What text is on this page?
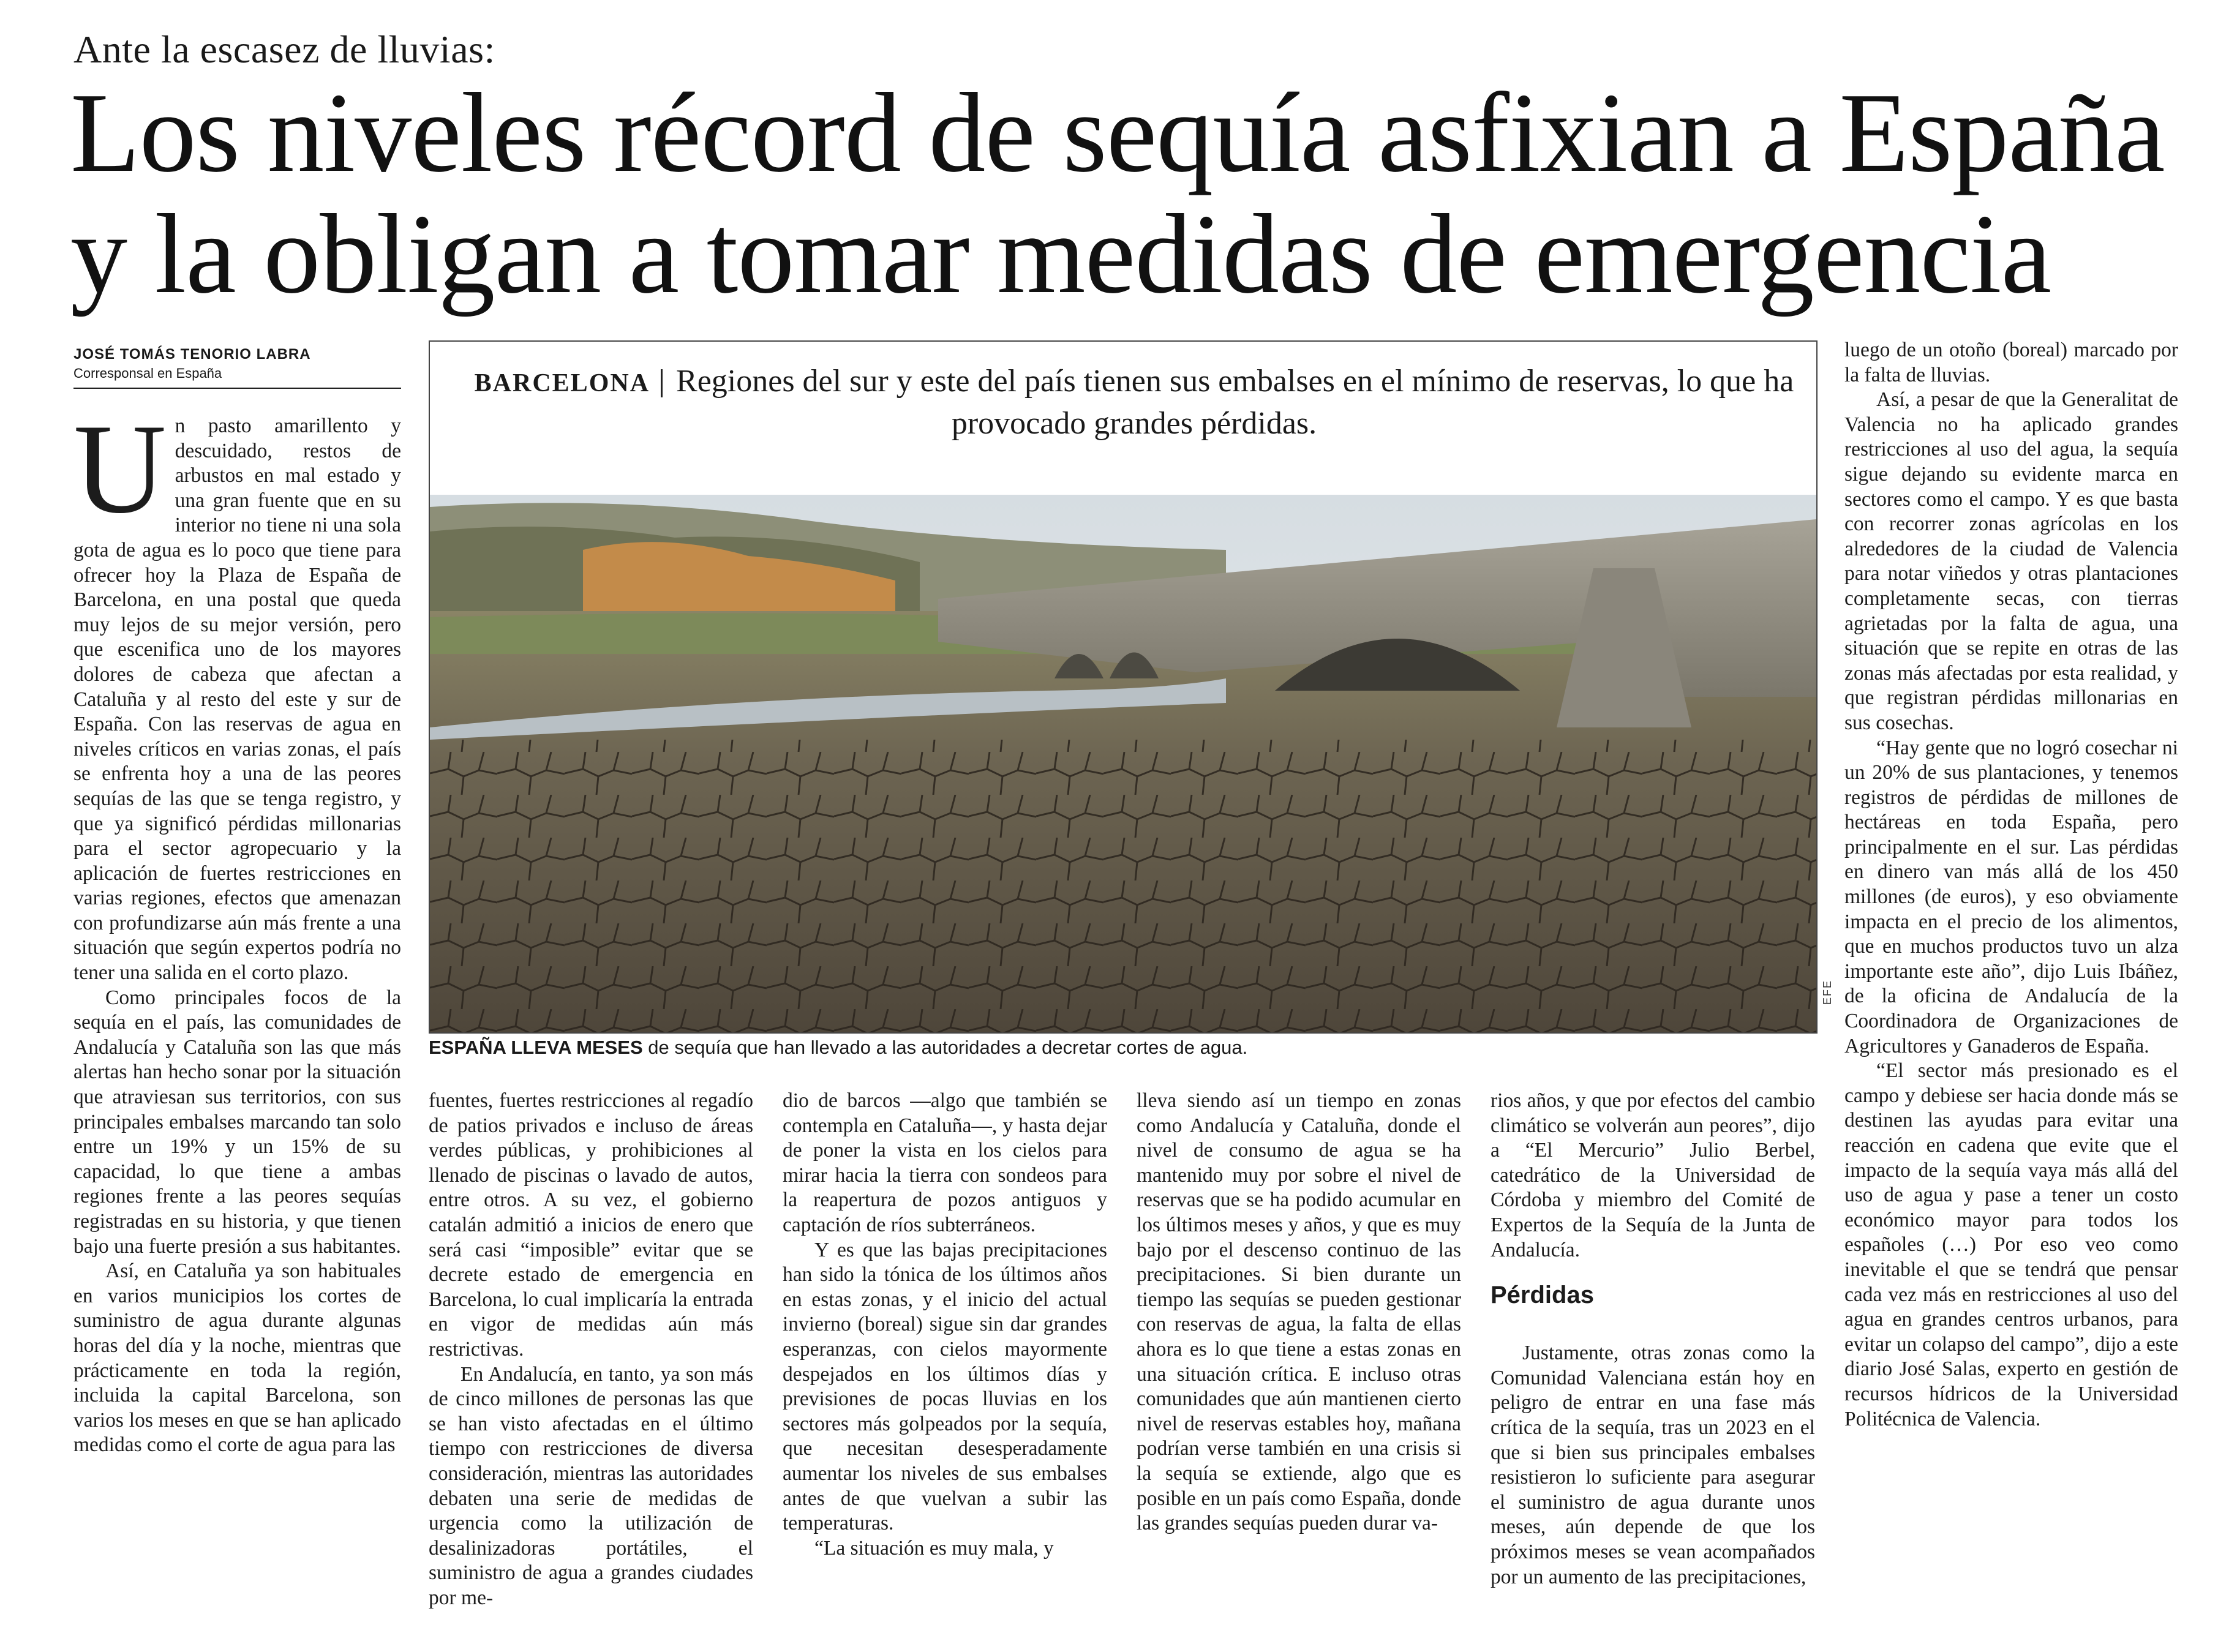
Ante la escasez de lluvias:
Los niveles récord de sequía asfixian a España
y la obligan a tomar medidas de emergencia
JOSÉ TOMÁS TENORIO LABRA
Corresponsal en España
U n pasto amarillento y descuidado, restos de arbustos en mal estado y una gran fuente que en su interior no tiene ni una sola gota de agua es lo poco que tiene para ofrecer hoy la Plaza de España de Barcelona, en una postal que queda muy lejos de su mejor versión, pero que escenifica uno de los mayores dolores de cabeza que afectan a Cataluña y al resto del este y sur de España. Con las reservas de agua en niveles críticos en varias zonas, el país se enfrenta hoy a una de las peores sequías de las que se tenga registro, y que ya significó pérdidas millonarias para el sector agropecuario y la aplicación de fuertes restricciones en varias regiones, efectos que amenazan con profundizarse aún más frente a una situación que según expertos podría no tener una salida en el corto plazo.

Como principales focos de la sequía en el país, las comunidades de Andalucía y Cataluña son las que más alertas han hecho sonar por la situación que atraviesan sus territorios, con sus principales embalses marcando tan solo entre un 19% y un 15% de su capacidad, lo que tiene a ambas regiones frente a las peores sequías registradas en su historia, y que tienen bajo una fuerte presión a sus habitantes.

Así, en Cataluña ya son habituales en varios municipios los cortes de suministro de agua durante algunas horas del día y la noche, mientras que prácticamente en toda la región, incluida la capital Barcelona, son varios los meses en que se han aplicado medidas como el corte de agua para las

BARCELONA Regiones del sur y este del país tienen sus embalses en el mínimo de reservas, lo que ha provocado grandes pérdidas.
EFE
ESPAÑA LLEVA MESES de sequía que han llevado a las autoridades a decretar cortes de agua.

fuentes, fuertes restricciones al regadío de patios privados e incluso de áreas verdes públicas, y prohibiciones al llenado de piscinas o lavado de autos, entre otros. A su vez, el gobierno catalán admitió a inicios de enero que será casi “imposible” evitar que se decrete estado de emergencia en Barcelona, lo cual implicaría la entrada en vigor de medidas aún más restrictivas.

En Andalucía, en tanto, ya son más de cinco millones de personas las que se han visto afectadas en el último tiempo con restricciones de diversa consideración, mientras las autoridades debaten una serie de medidas de urgencia como la utilización de desalinizadoras portátiles, el suministro de agua a grandes ciudades por me-

dio de barcos —algo que también se contempla en Cataluña—, y hasta dejar de poner la vista en los cielos para mirar hacia la tierra con sondeos para la reapertura de pozos antiguos y captación de ríos subterráneos.

Y es que las bajas precipitaciones han sido la tónica de los últimos años en estas zonas, y el inicio del actual invierno (boreal) sigue sin dar grandes esperanzas, con cielos mayormente despejados en los últimos días y previsiones de pocas lluvias en los sectores más golpeados por la sequía, que necesitan desesperadamente aumentar los niveles de sus embalses antes de que vuelvan a subir las temperaturas.

“La situación es muy mala, y

lleva siendo así un tiempo en zonas como Andalucía y Cataluña, donde el nivel de consumo de agua se ha mantenido muy por sobre el nivel de reservas que se ha podido acumular en los últimos meses y años, y que es muy bajo por el descenso continuo de las precipitaciones. Si bien durante un tiempo las sequías se pueden gestionar con reservas de agua, la falta de ellas ahora es lo que tiene a estas zonas en una situación crítica. E incluso otras comunidades que aún mantienen cierto nivel de reservas estables hoy, mañana podrían verse también en una crisis si la sequía se extiende, algo que es posible en un país como España, donde las grandes sequías pueden durar va-

rios años, y que por efectos del cambio climático se volverán aun peores”, dijo a “El Mercurio” Julio Berbel, catedrático de la Universidad de Córdoba y miembro del Comité de Expertos de la Sequía de la Junta de Andalucía.

Pérdidas

Justamente, otras zonas como la Comunidad Valenciana están hoy en peligro de entrar en una fase más crítica de la sequía, tras un 2023 en el que si bien sus principales embalses resistieron lo suficiente para asegurar el suministro de agua durante unos meses, aún depende de que los próximos meses se vean acompañados por un aumento de las precipitaciones,

luego de un otoño (boreal) marcado por la falta de lluvias.

Así, a pesar de que la Generalitat de Valencia no ha aplicado grandes restricciones al uso del agua, la sequía sigue dejando su evidente marca en sectores como el campo. Y es que basta con recorrer zonas agrícolas en los alrededores de la ciudad de Valencia para notar viñedos y otras plantaciones completamente secas, con tierras agrietadas por la falta de agua, una situación que se repite en otras de las zonas más afectadas por esta realidad, y que registran pérdidas millonarias en sus cosechas.

“Hay gente que no logró cosechar ni un 20% de sus plantaciones, y tenemos registros de pérdidas de millones de hectáreas en toda España, pero principalmente en el sur. Las pérdidas en dinero van más allá de los 450 millones (de euros), y eso obviamente impacta en el precio de los alimentos, que en muchos productos tuvo un alza importante este año”, dijo Luis Ibáñez, de la oficina de Andalucía de la Coordinadora de Organizaciones de Agricultores y Ganaderos de España.

“El sector más presionado es el campo y debiese ser hacia donde más se destinen las ayudas para evitar una reacción en cadena que evite que el impacto de la sequía vaya más allá del uso de agua y pase a tener un costo económico mayor para todos los españoles (…) Por eso veo como inevitable el que se tendrá que pensar cada vez más en restricciones al uso del agua en grandes centros urbanos, para evitar un colapso del campo”, dijo a este diario José Salas, experto en gestión de recursos hídricos de la Universidad Politécnica de Valencia.
